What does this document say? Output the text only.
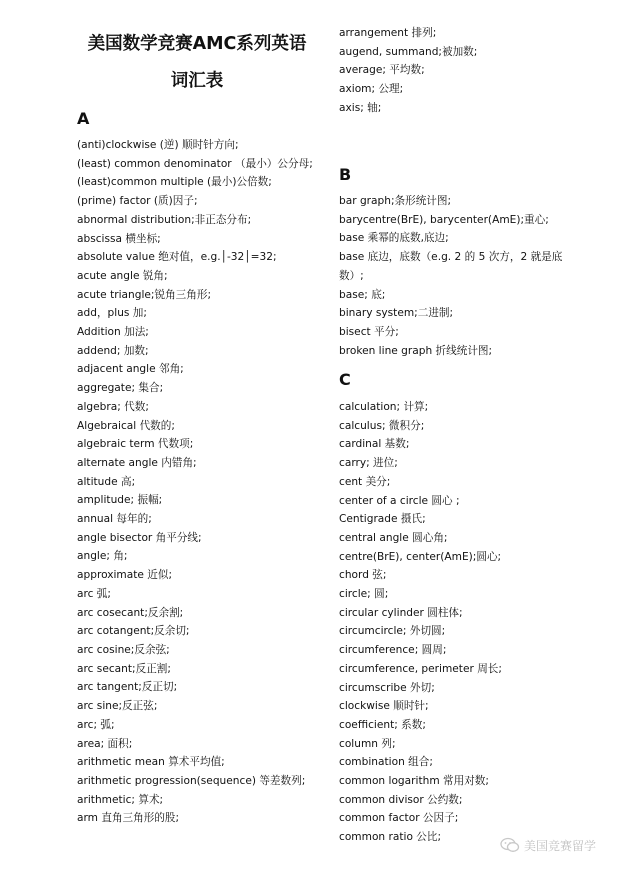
美国数学竞赛AMC系列英语
词汇表
A
(anti)clockwise (逆) 顺时针方向;
(least) common denominator （最小）公分母;
(least)common multiple (最小)公倍数;
(prime) factor (质)因子;
abnormal distribution;非正态分布;
abscissa 横坐标;
absolute value 绝对值，e.g.│-32│=32;
acute angle 锐角;
acute triangle;锐角三角形;
add，plus 加;
Addition 加法;
addend; 加数;
adjacent angle 邻角;
aggregate; 集合;
algebra; 代数;
Algebraical 代数的;
algebraic term 代数项;
alternate angle 内错角;
altitude 高;
amplitude; 振幅;
annual 每年的;
angle bisector 角平分线;
angle; 角;
approximate 近似;
arc 弧;
arc cosecant;反余割;
arc cotangent;反余切;
arc cosine;反余弦;
arc secant;反正割;
arc tangent;反正切;
arc sine;反正弦;
arc; 弧;
area; 面积;
arithmetic mean 算术平均值;
arithmetic progression(sequence) 等差数列;
arithmetic; 算术;
arm 直角三角形的股;
arrangement 排列;
augend, summand;被加数;
average; 平均数;
axiom; 公理;
axis; 轴;
B
bar graph;条形统计图;
barycentre(BrE), barycenter(AmE);重心;
base 乘幂的底数,底边;
base 底边，底数（e.g. 2 的 5 次方，2 就是底数）;
base; 底;
binary system;二进制;
bisect 平分;
broken line graph 折线统计图;
C
calculation; 计算;
calculus; 微积分;
cardinal 基数;
carry; 进位;
cent 美分;
center of a circle 圆心 ;
Centigrade 摄氏;
central angle 圆心角;
centre(BrE), center(AmE);圆心;
chord 弦;
circle; 圆;
circular cylinder 圆柱体;
circumcircle; 外切圆;
circumference; 圆周;
circumference, perimeter 周长;
circumscribe 外切;
clockwise 顺时针;
coefficient; 系数;
column 列;
combination 组合;
common logarithm 常用对数;
common divisor 公约数;
common factor 公因子;
common ratio 公比;
美国竞赛留学
